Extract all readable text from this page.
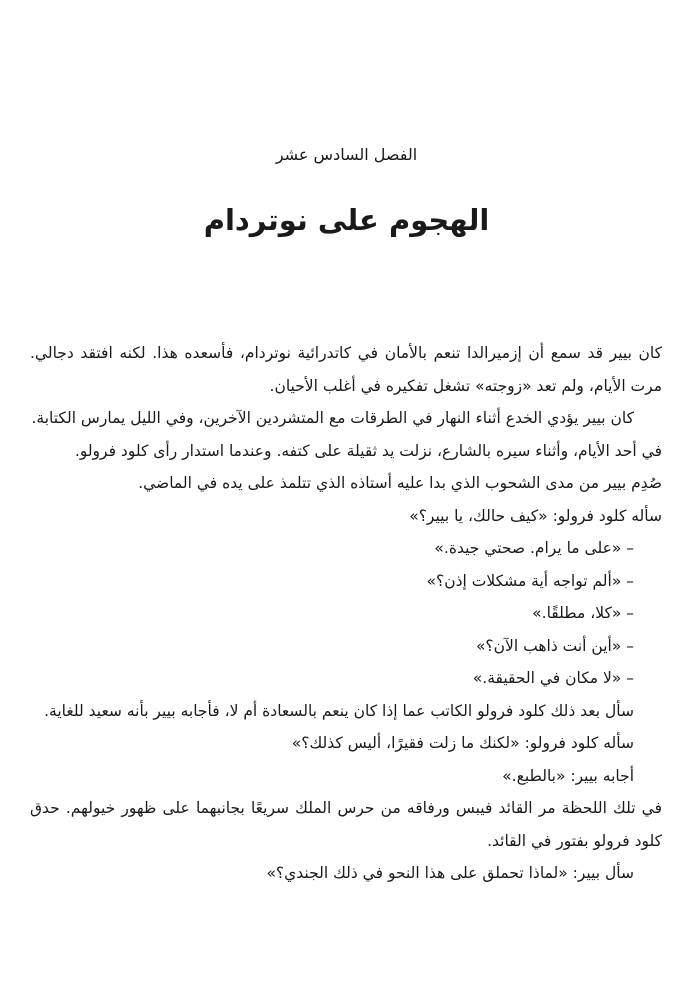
الفصل السادس عشر
الهجوم على نوتردام

كان بيير قد سمع أن إزميرالدا تنعم بالأمان في كاتدرائية نوتردام، فأسعده هذا. لكنه افتقد دجالي. مرت الأيام، ولم تعد «زوجته» تشغل تفكيره في أغلب الأحيان.

كان بيير يؤدي الخدع أثناء النهار في الطرقات مع المتشردين الآخرين، وفي الليل يمارس الكتابة.

في أحد الأيام، وأثناء سيره بالشارع، نزلت يد ثقيلة على كتفه. وعندما استدار رأى كلود فرولو.

صُدِم بيير من مدى الشحوب الذي بدا عليه أستاذه الذي تتلمذ على يده في الماضي.

سأله كلود فرولو: «كيف حالك، يا بيير؟»

– «على ما يرام. صحتي جيدة.»

– «ألم تواجه أية مشكلات إذن؟»

– «كلا، مطلقًا.»

– «أين أنت ذاهب الآن؟»

– «لا مكان في الحقيقة.»

سأل بعد ذلك كلود فرولو الكاتب عما إذا كان ينعم بالسعادة أم لا، فأجابه بيير بأنه سعيد للغاية.

سأله كلود فرولو: «لكنك ما زلت فقيرًا، أليس كذلك؟»

أجابه بيير: «بالطبع.»

في تلك اللحظة مر القائد فيبس ورفاقه من حرس الملك سريعًا بجانبهما على ظهور خيولهم. حدق كلود فرولو بفتور في القائد.

سأل بيير: «لماذا تحملق على هذا النحو في ذلك الجندي؟»
